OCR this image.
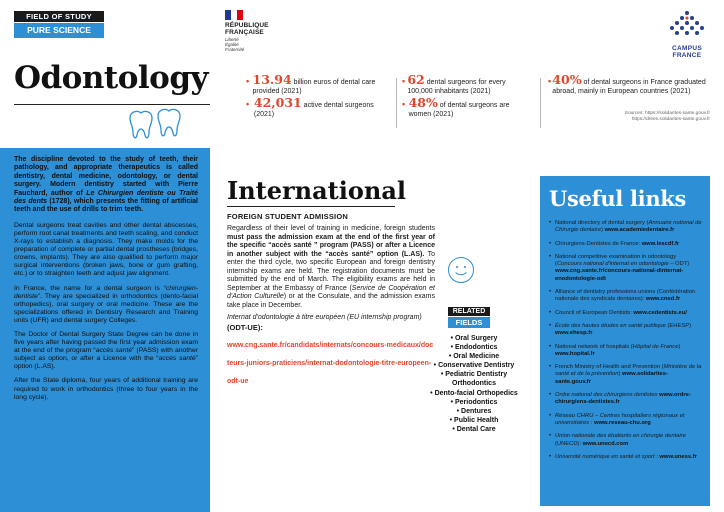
FIELD OF STUDY
PURE SCIENCE
Odontology
RÉPUBLIQUE
FRANÇAISE
Liberté
Égalité
Fraternité	CAMPUS
FRANCE
• 13.94 billion euros of dental care provided (2021)
• 42,031 active dental surgeons (2021)
• 62 dental surgeons for every 100,000 inhabitants (2021)
• 48% of dental surgeons are women (2021)
• 40% of dental surgeons in France graduated abroad, mainly in European countries (2021)
Sources: https://solidarites-sante.gouv.fr
https://drees.solidarites-sante.gouv.fr

The discipline devoted to the study of teeth, their pathology, and appropriate therapeutics is called dentistry, dental medicine, odontology, or dental surgery. Modern dentistry started with Pierre Fauchard, author of Le Chirurgien dentiste ou Traité des dents (1728), which presents the fitting of artificial teeth and the use of drills to trim teeth.

Dental surgeons treat cavities and other dental abscesses, perform root canal treatments and teeth scaling, and conduct X-rays to establish a diagnosis. They make molds for the preparation of complete or partial dental prostheses (bridges, crowns, implants). They are also qualified to perform major surgical interventions (broken jaws, bone or gum grafting, etc.) or to straighten teeth and adjust jaw alignment.

In France, the name for a dental surgeon is “chirurgien-dentiste”. They are specialized in orthodontics (dento-facial orthopedics), oral surgery or oral medicine. These are the specializations offered in Dentistry Research and Training units (UFR) and dental surgery Colleges.

The Doctor of Dental Surgery State Degree can be done in five years after having passed the first year admission exam at the end of the program “accès santé” (PASS) with another subject as option, or after a Licence with the “accès santé” option (L.AS).

After the State diploma, four years of additional training are required to work in orthodontics (three to four years in the long cycle).

International
FOREIGN STUDENT ADMISSION

Regardless of their level of training in medicine, foreign students must pass the admission exam at the end of the first year of the specific “accès santé ” program (PASS) or after a Licence in another subject with the “accès santé” option (L.AS). To enter the third cycle, two specific European and foreign dentistry internship exams are held. The registration documents must be submitted by the end of March. The eligibility exams are held in September at the Embassy of France (Service de Coopération et d'Action Culturelle) or at the Consulate, and the admission exams take place in December.

Internat d'odontologie à titre européen (EU internship program)

(ODT-UE):
www.cng.sante.fr/candidats/internats/concours-medicaux/docteurs-juniors-praticiens/internat-dodontologie-titre-europeen-odt-ue
RELATED
FIELDS
• Oral Surgery
• Endodontics
• Oral Medicine
• Conservative Dentistry
• Pediatric Dentistry
Orthodontics
• Dento-facial Orthopedics
• Periodontics
• Dentures
• Public Health
• Dental Care
Useful links
• National directory of dental surgery (Annuaire national de Chirurgie dentaire) www.academiedentaire.fr
• Chirurgiens-Dentistes de France: www.lescdf.fr
• National competitive examination in odontology (Concours national d'internat en odontologie – ODT) www.cng.sante.fr/concours-national-dinternat-enodontologie-odt
• Alliance of dentistry professions unions (Confédération nationale des syndicats dentaires): www.cnsd.fr
• Council of European Dentists: www.cedentists.eu/
• École des hautes études en santé publique (EHESP) www.ehesp.fr
• National network of hospitals (Hôpital de France) www.hopital.fr
• French Ministry of Health and Prevention (Ministère de la santé et de la prévention) www.solidarites-sante.gouv.fr
• Ordre national des chirurgiens dentistes www.ordre-chirurgiens-dentistes.fr
• Réseau CHRU – Centres hospitaliers régionaux et universitaires : www.reseau-chu.org
• Union nationale des étudiants en chirurgie dentaire (UNECD): www.unecd.com
• Université numérique en santé et sport : www.uness.fr
